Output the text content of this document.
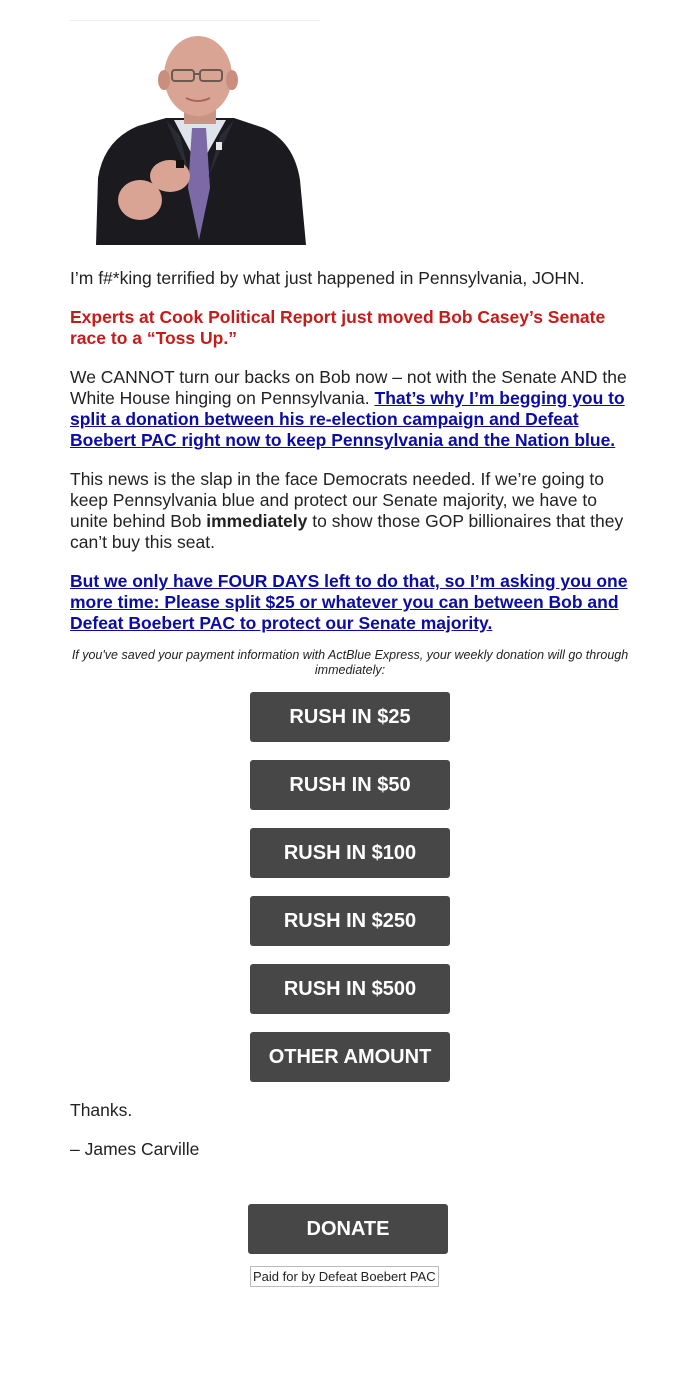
I’m f#*king terrified by what just happened in Pennsylvania, JOHN.

Experts at Cook Political Report just moved Bob Casey’s Senate race to a “Toss Up.”

We CANNOT turn our backs on Bob now – not with the Senate AND the White House hinging on Pennsylvania. That’s why I’m begging you to split a donation between his re-election campaign and Defeat Boebert PAC right now to keep Pennsylvania and the Nation blue.

This news is the slap in the face Democrats needed. If we’re going to keep Pennsylvania blue and protect our Senate majority, we have to unite behind Bob immediately to show those GOP billionaires that they can’t buy this seat.

But we only have FOUR DAYS left to do that, so I’m asking you one more time: Please split $25 or whatever you can between Bob and Defeat Boebert PAC to protect our Senate majority.

If you've saved your payment information with ActBlue Express, your weekly donation will go through immediately:

RUSH IN $25
RUSH IN $50
RUSH IN $100
RUSH IN $250
RUSH IN $500
OTHER AMOUNT

Thanks.

– James Carville

DONATE
Paid for by Defeat Boebert PAC
